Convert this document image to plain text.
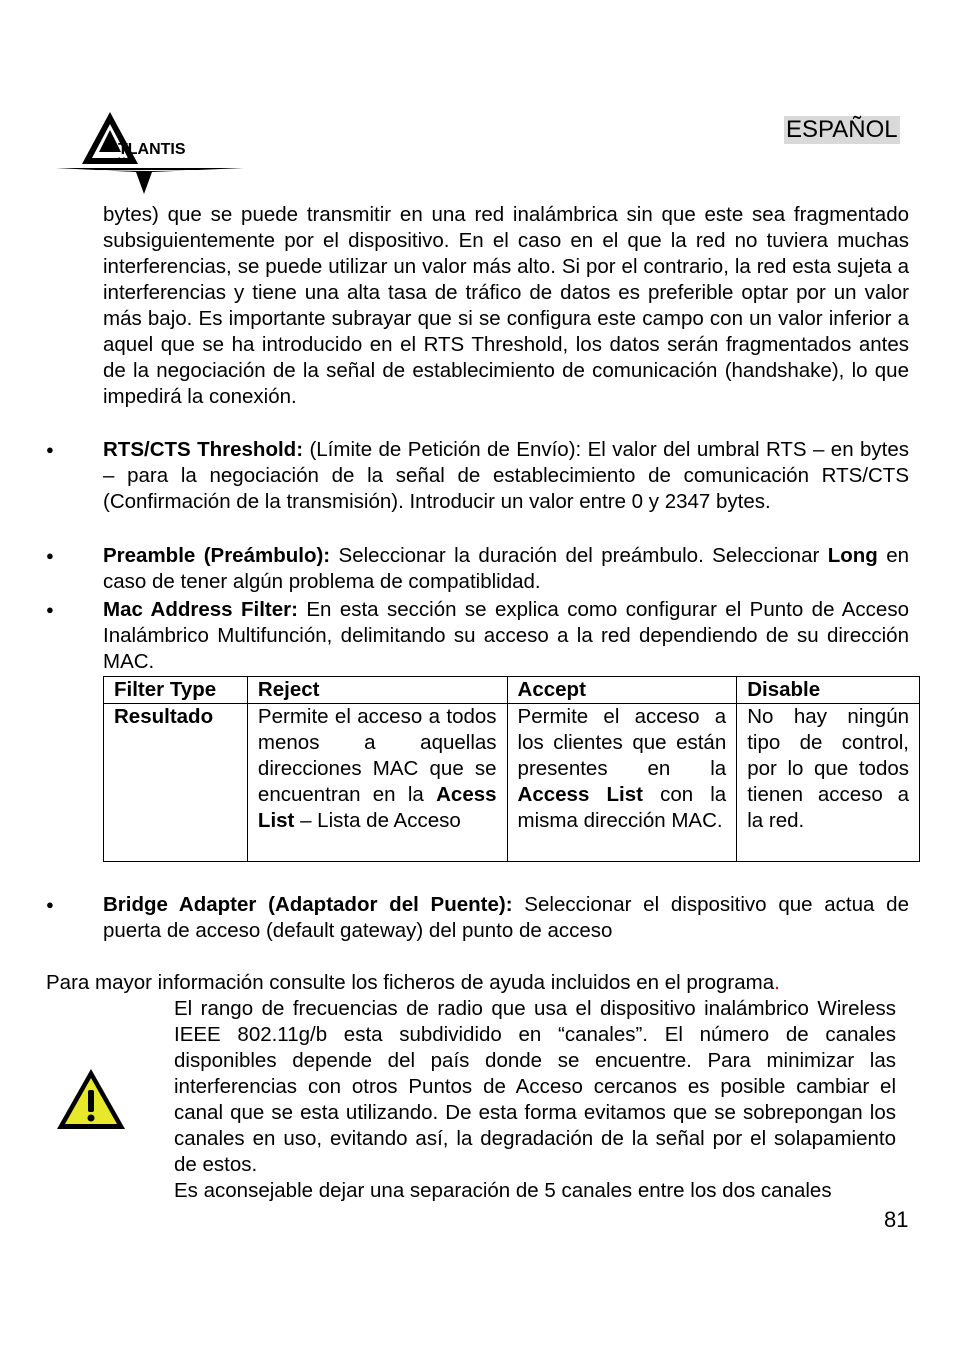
TLANTIS
AND
ESPAÑOL

bytes) que se puede transmitir en una red inalámbrica sin que este sea fragmentado subsiguientemente por el dispositivo. En el caso en el que la red no tuviera muchas interferencias, se puede utilizar un valor más alto. Si por el contrario, la red esta sujeta a interferencias y tiene una alta tasa de tráfico de datos es preferible optar por un valor más bajo. Es importante subrayar que si se configura este campo con un valor inferior a aquel que se ha introducido en el RTS Threshold, los datos serán fragmentados antes de la negociación de la señal de establecimiento de comunicación (handshake), lo que impedirá la conexión.

● RTS/CTS Threshold: (Límite de Petición de Envío): El valor del umbral RTS – en bytes – para la negociación de la señal de establecimiento de comunicación RTS/CTS (Confirmación de la transmisión). Introducir un valor entre 0 y 2347 bytes.

● Preamble (Preámbulo): Seleccionar la duración del preámbulo. Seleccionar Long en caso de tener algún problema de compatiblidad.

● Mac Address Filter: En esta sección se explica como configurar el Punto de Acceso Inalámbrico Multifunción, delimitando su acceso a la red dependiendo de su dirección MAC.

Filter Type	Reject	Accept	Disable
Resultado	Permite el acceso a todos menos a aquellas direcciones MAC que se encuentran en la Acess List – Lista de Acceso	Permite el acceso a los clientes que están presentes en la Access List con la misma dirección MAC.	No hay ningún tipo de control, por lo que todos tienen acceso a la red.
● Bridge Adapter (Adaptador del Puente): Seleccionar el dispositivo que actua de puerta de acceso (default gateway) del punto de acceso

Para mayor información consulte los ficheros de ayuda incluidos en el programa.

El rango de frecuencias de radio que usa el dispositivo inalámbrico Wireless IEEE 802.11g/b esta subdividido en “canales”. El número de canales disponibles depende del país donde se encuentre. Para minimizar las interferencias con otros Puntos de Acceso cercanos es posible cambiar el canal que se esta utilizando. De esta forma evitamos que se sobrepongan los canales en uso, evitando así, la degradación de la señal por el solapamiento de estos.

Es aconsejable dejar una separación de 5 canales entre los dos canales

81
